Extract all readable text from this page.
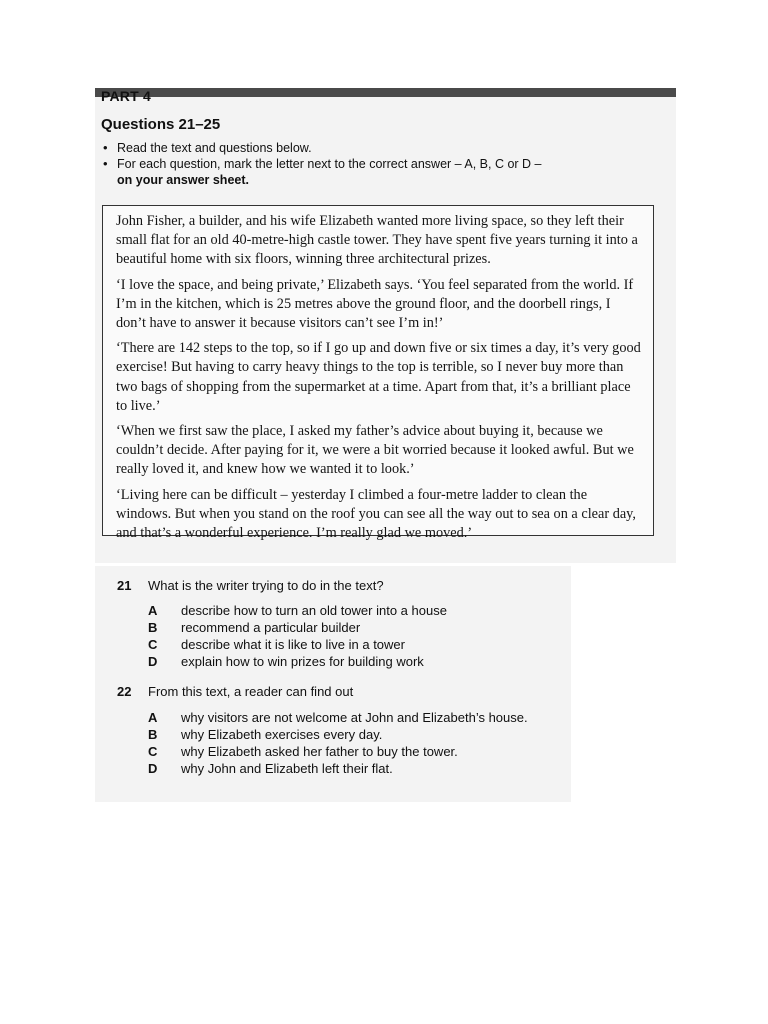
PART 4
Questions 21–25
• Read the text and questions below.
• For each question, mark the letter next to the correct answer – A, B, C or D –
on your answer sheet.

John Fisher, a builder, and his wife Elizabeth wanted more living space, so they left their small flat for an old 40-metre-high castle tower. They have spent five years turning it into a beautiful home with six floors, winning three architectural prizes.

‘I love the space, and being private,’ Elizabeth says. ‘You feel separated from the world. If I’m in the kitchen, which is 25 metres above the ground floor, and the doorbell rings, I don’t have to answer it because visitors can’t see I’m in!’

‘There are 142 steps to the top, so if I go up and down five or six times a day, it’s very good exercise! But having to carry heavy things to the top is terrible, so I never buy more than two bags of shopping from the supermarket at a time. Apart from that, it’s a brilliant place to live.’

‘When we first saw the place, I asked my father’s advice about buying it, because we couldn’t decide. After paying for it, we were a bit worried because it looked awful. But we really loved it, and knew how we wanted it to look.’

‘Living here can be difficult – yesterday I climbed a four-metre ladder to clean the windows. But when you stand on the roof you can see all the way out to sea on a clear day, and that’s a wonderful experience. I’m really glad we moved.’

21 What is the writer trying to do in the text?
A describe how to turn an old tower into a house
B recommend a particular builder
C describe what it is like to live in a tower
D explain how to win prizes for building work
22 From this text, a reader can find out
A why visitors are not welcome at John and Elizabeth’s house.
B why Elizabeth exercises every day.
C why Elizabeth asked her father to buy the tower.
D why John and Elizabeth left their flat.
